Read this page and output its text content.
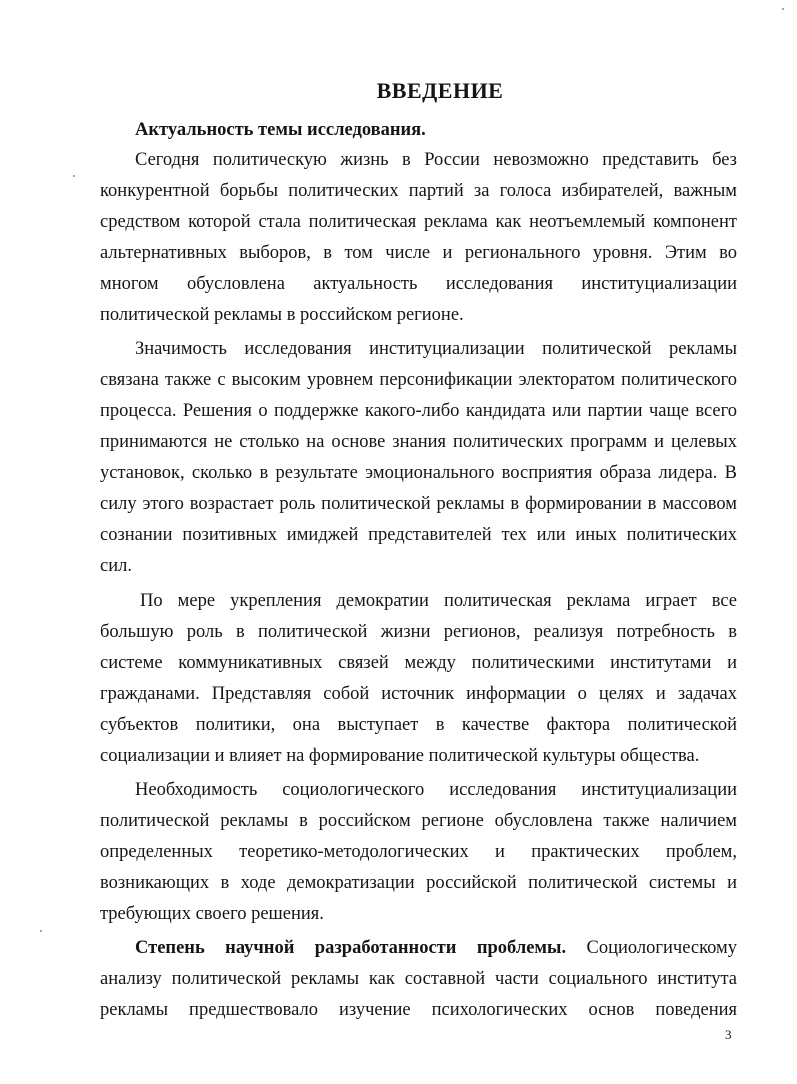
ВВЕДЕНИЕ
Актуальность темы исследования.
Сегодня политическую жизнь в России невозможно представить без
конкурентной борьбы политических партий за голоса избирателей, важным
средством которой стала политическая реклама как неотъемлемый компонент
альтернативных выборов, в том числе и регионального уровня. Этим во
многом обусловлена актуальность исследования институциализации
политической рекламы в российском регионе.
Значимость исследования институциализации политической рекламы
связана также с высоким уровнем персонификации электоратом политического
процесса. Решения о поддержке какого-либо кандидата или партии чаще всего
принимаются не столько на основе знания политических программ и целевых
установок, сколько в результате эмоционального восприятия образа лидера. В
силу этого возрастает роль политической рекламы в формировании в массовом
сознании позитивных имиджей представителей тех или иных политических
сил.
По мере укрепления демократии политическая реклама играет все
большую роль в политической жизни регионов, реализуя потребность в
системе коммуникативных связей между политическими институтами и
гражданами. Представляя собой источник информации о целях и задачах
субъектов политики, она выступает в качестве фактора политической
социализации и влияет на формирование политической культуры общества.
Необходимость социологического исследования институциализации
политической рекламы в российском регионе обусловлена также наличием
определенных теоретико-методологических и практических проблем,
возникающих в ходе демократизации российской политической системы и
требующих своего решения.
Степень научной разработанности проблемы. Социологическому
анализу политической рекламы как составной части социального института
рекламы предшествовало изучение психологических основ поведения
3
